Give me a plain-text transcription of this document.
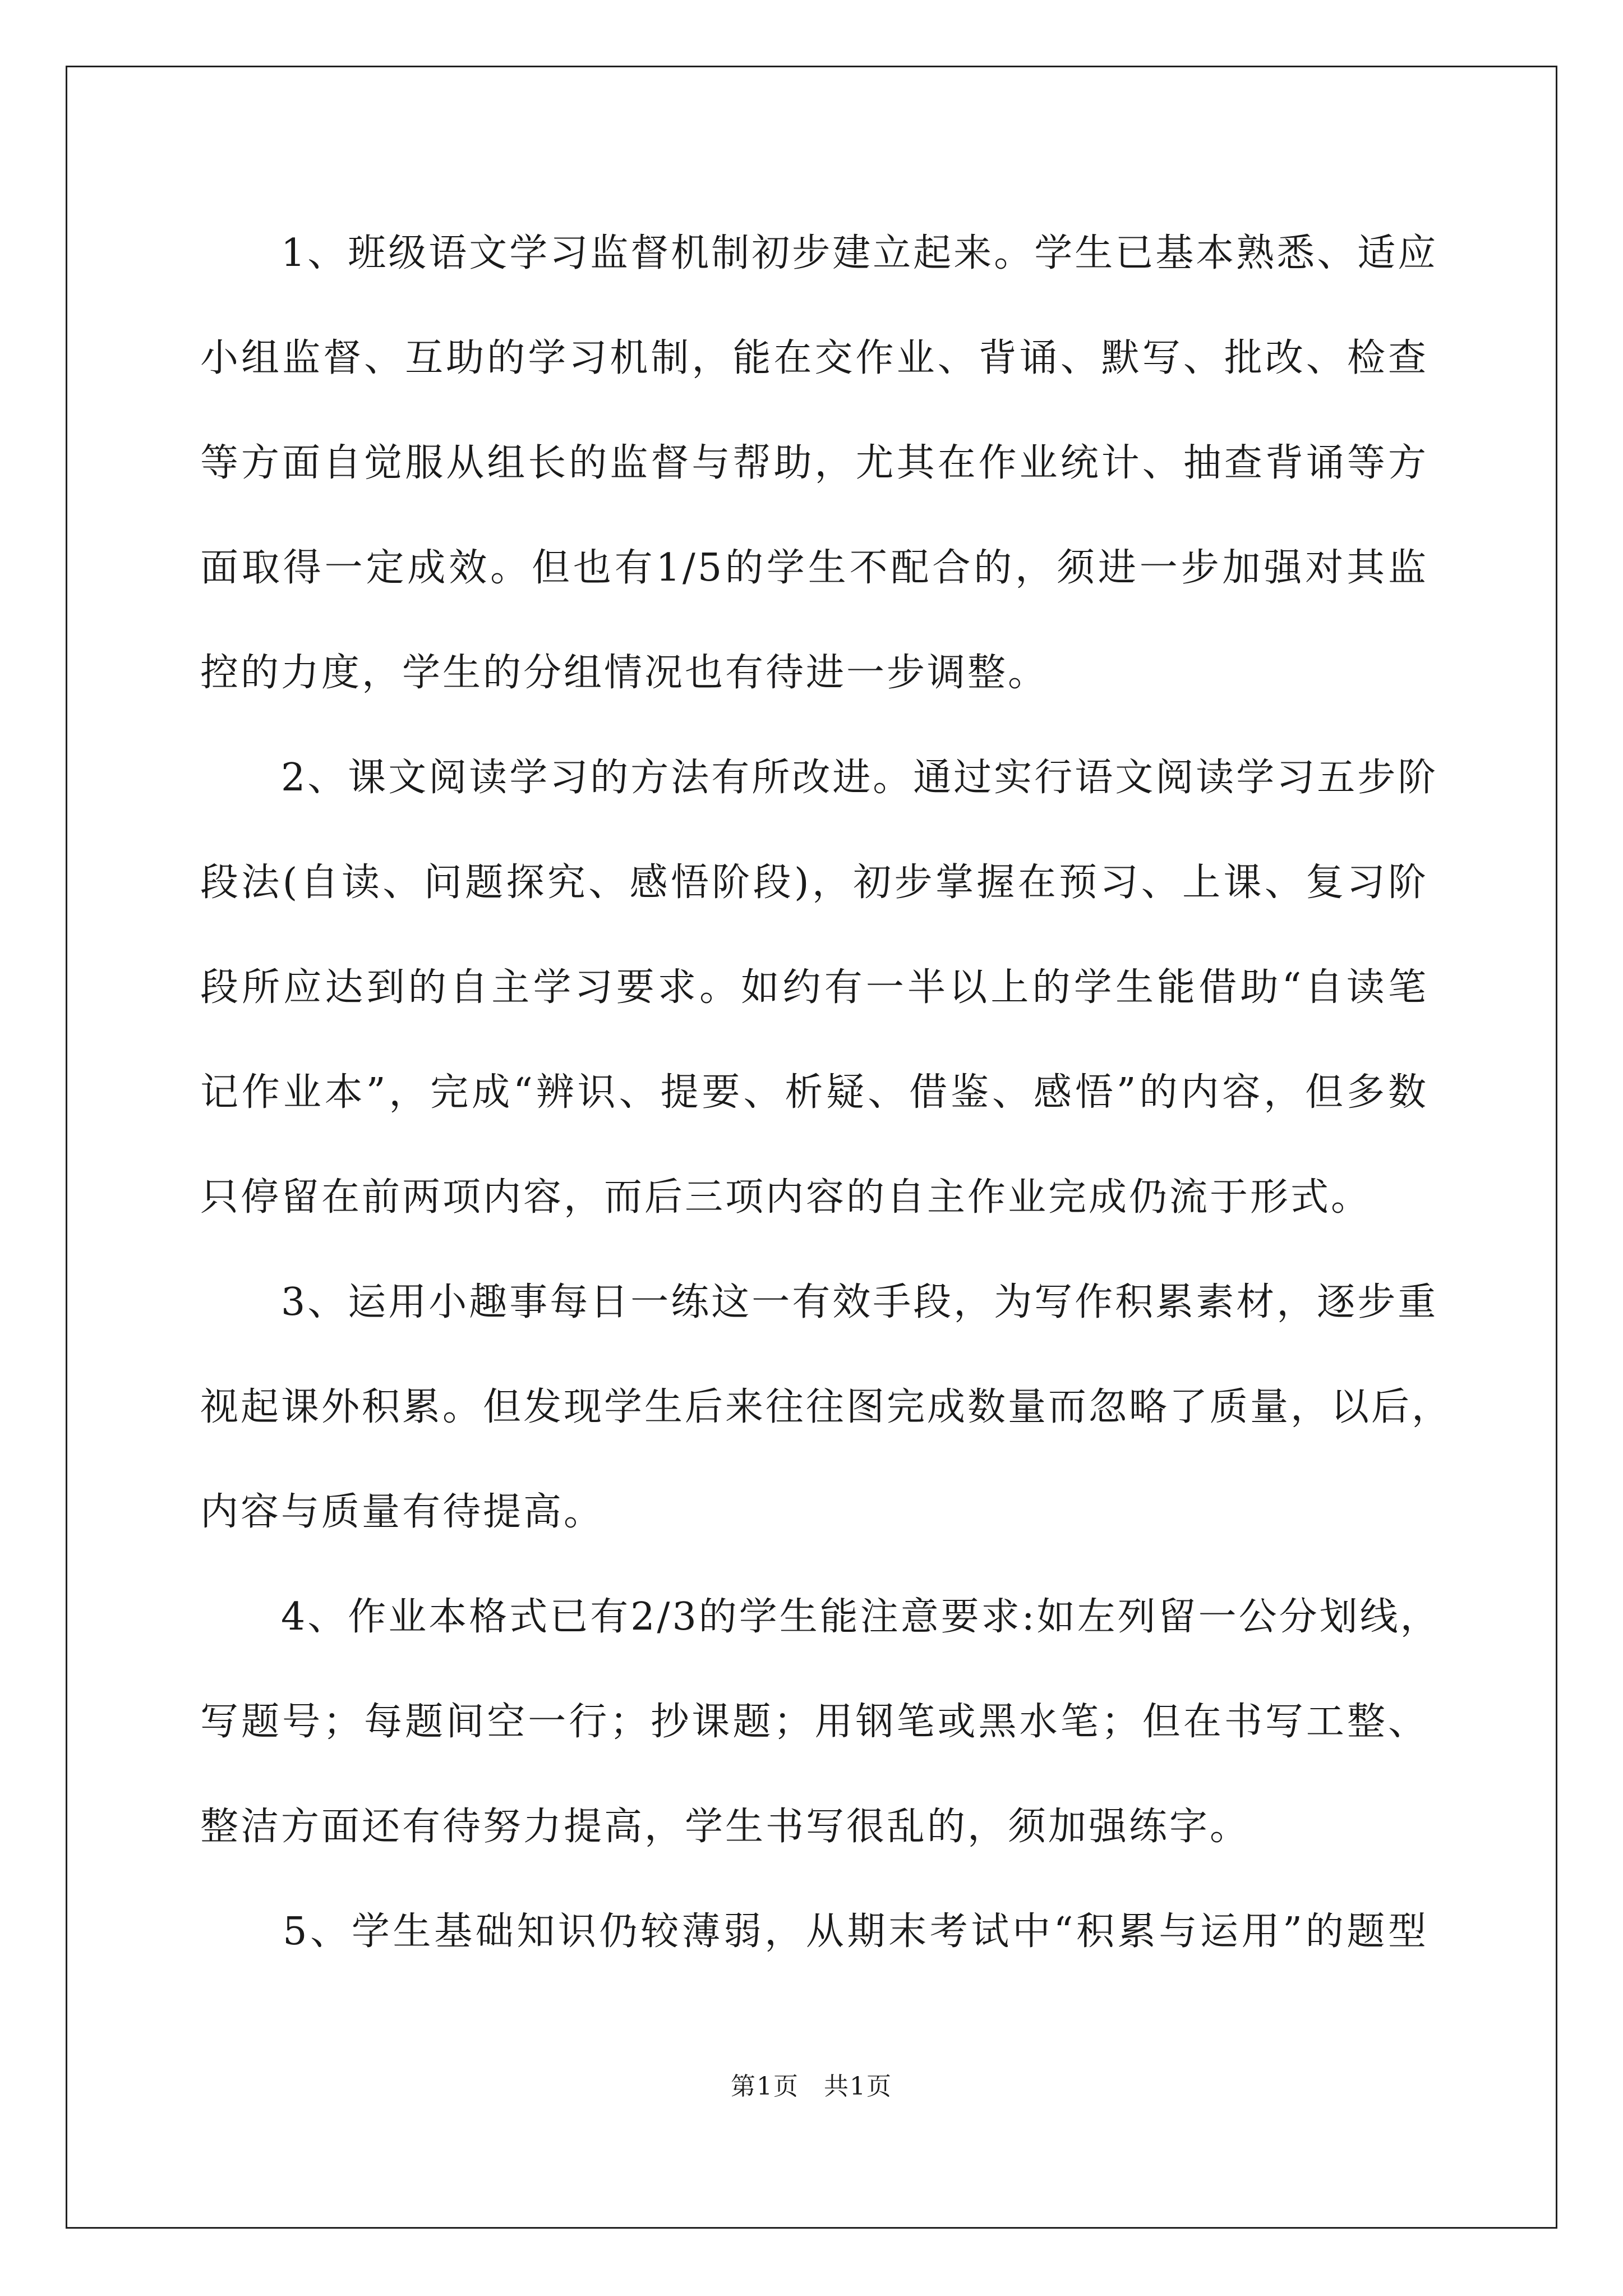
　　1、班级语文学习监督机制初步建立起来。学生已基本熟悉、适应
小组监督、互助的学习机制，能在交作业、背诵、默写、批改、检查
等方面自觉服从组长的监督与帮助，尤其在作业统计、抽查背诵等方
面取得一定成效。但也有1/5的学生不配合的，须进一步加强对其监
控的力度，学生的分组情况也有待进一步调整。
　　2、课文阅读学习的方法有所改进。通过实行语文阅读学习五步阶
段法(自读、问题探究、感悟阶段)，初步掌握在预习、上课、复习阶
段所应达到的自主学习要求。如约有一半以上的学生能借助“自读笔
记作业本”，完成“辨识、提要、析疑、借鉴、感悟”的内容，但多数
只停留在前两项内容，而后三项内容的自主作业完成仍流于形式。
　　3、运用小趣事每日一练这一有效手段，为写作积累素材，逐步重
视起课外积累。但发现学生后来往往图完成数量而忽略了质量，以后，
内容与质量有待提高。
　　4、作业本格式已有2/3的学生能注意要求:如左列留一公分划线，
写题号；每题间空一行；抄课题；用钢笔或黑水笔；但在书写工整、
整洁方面还有待努力提高，学生书写很乱的，须加强练字。
　　5、学生基础知识仍较薄弱，从期末考试中“积累与运用”的题型
第1页 共1页
